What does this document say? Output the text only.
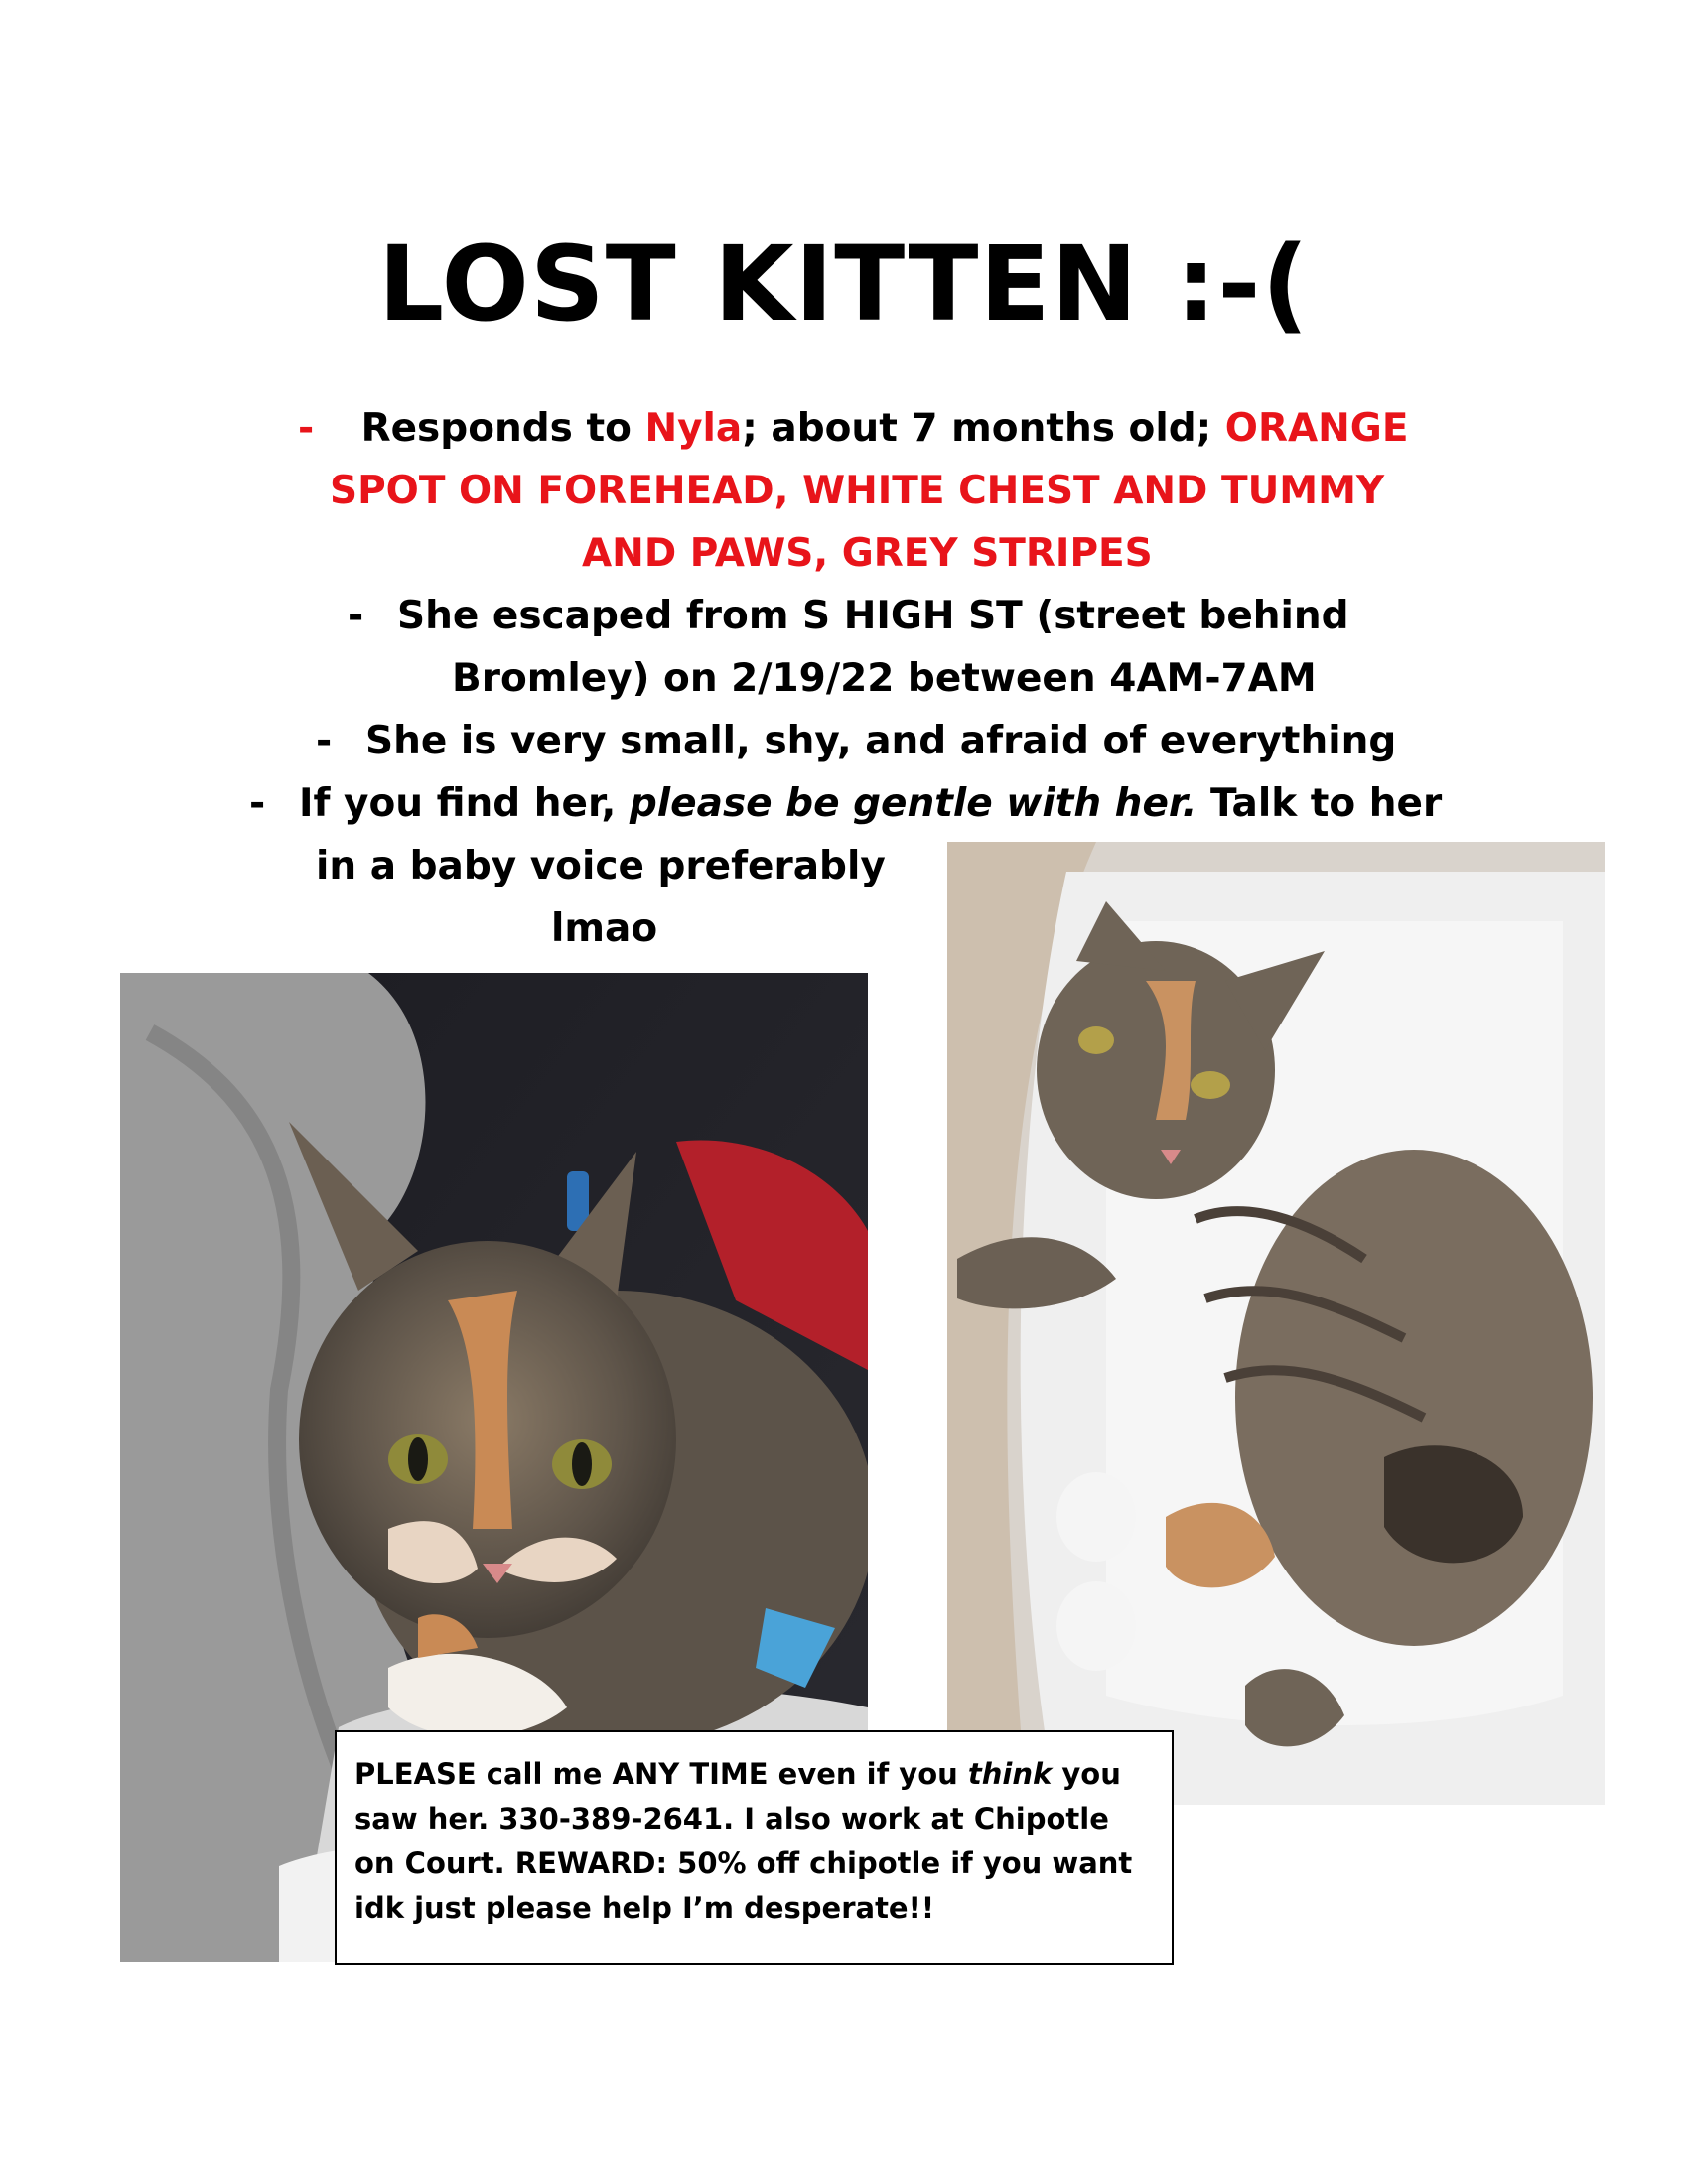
LOST KITTEN :-(
- Responds to Nyla; about 7 months old; ORANGE
SPOT ON FOREHEAD, WHITE CHEST AND TUMMY
AND PAWS, GREY STRIPES
- She escaped from S HIGH ST (street behind
Bromley) on 2/19/22 between 4AM-7AM
- She is very small, shy, and afraid of everything
- If you find her, please be gentle with her. Talk to her
in a baby voice preferably
lmao
PLEASE call me ANY TIME even if you think you
saw her. 330-389-2641. I also work at Chipotle
on Court. REWARD: 50% off chipotle if you want
idk just please help I’m desperate!!
